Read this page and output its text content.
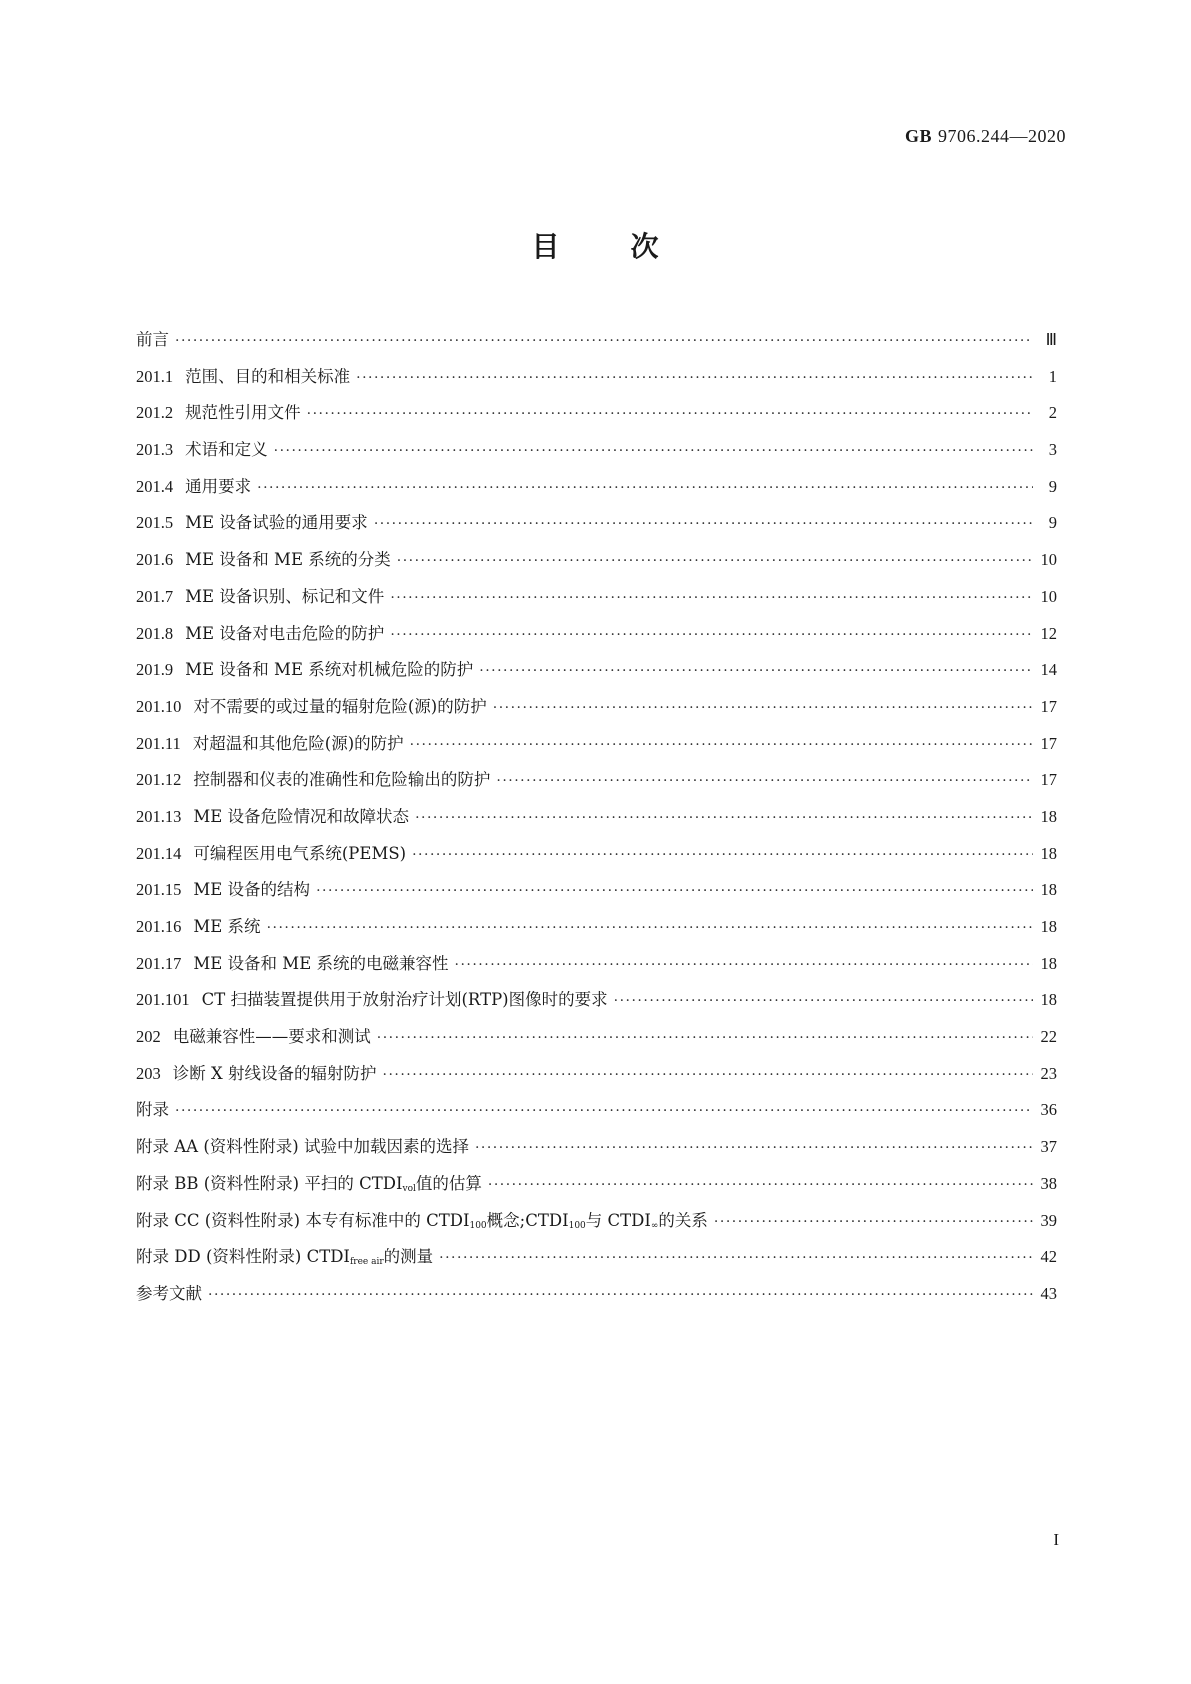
GB 9706.244—2020
目	次
前言 ·····	Ⅲ
201.1 范围、目的和相关标准 ·····	1
201.2 规范性引用文件 ·····	2
201.3 术语和定义 ·····	3
201.4 通用要求 ·····	9
201.5 ME 设备试验的通用要求 ·····	9
201.6 ME 设备和 ME 系统的分类 ·····	10
201.7 ME 设备识别、标记和文件 ·····	10
201.8 ME 设备对电击危险的防护 ·····	12
201.9 ME 设备和 ME 系统对机械危险的防护 ·····	14
201.10 对不需要的或过量的辐射危险(源)的防护 ·····	17
201.11 对超温和其他危险(源)的防护 ·····	17
201.12 控制器和仪表的准确性和危险输出的防护 ·····	17
201.13 ME 设备危险情况和故障状态 ·····	18
201.14 可编程医用电气系统(PEMS) ·····	18
201.15 ME 设备的结构 ·····	18
201.16 ME 系统 ·····	18
201.17 ME 设备和 ME 系统的电磁兼容性 ·····	18
201.101 CT 扫描装置提供用于放射治疗计划(RTP)图像时的要求 ·····	18
202 电磁兼容性——要求和测试 ·····	22
203 诊断 X 射线设备的辐射防护 ·····	23
附录 ·····	36
附录 AA (资料性附录) 试验中加载因素的选择 ·····	37
附录 BB (资料性附录) 平扫的 $CTDI_{vol}$值的估算 ·····	38
附录 CC (资料性附录) 本专有标准中的 $CTDI_{100}$概念$;CTDI_{100}$与 $CTDI_\infty$的关系 ·····	39
附录 DD (资料性附录) $CTDI_{free air}$的测量 ·····	42
参考文献 ·····	43
I
